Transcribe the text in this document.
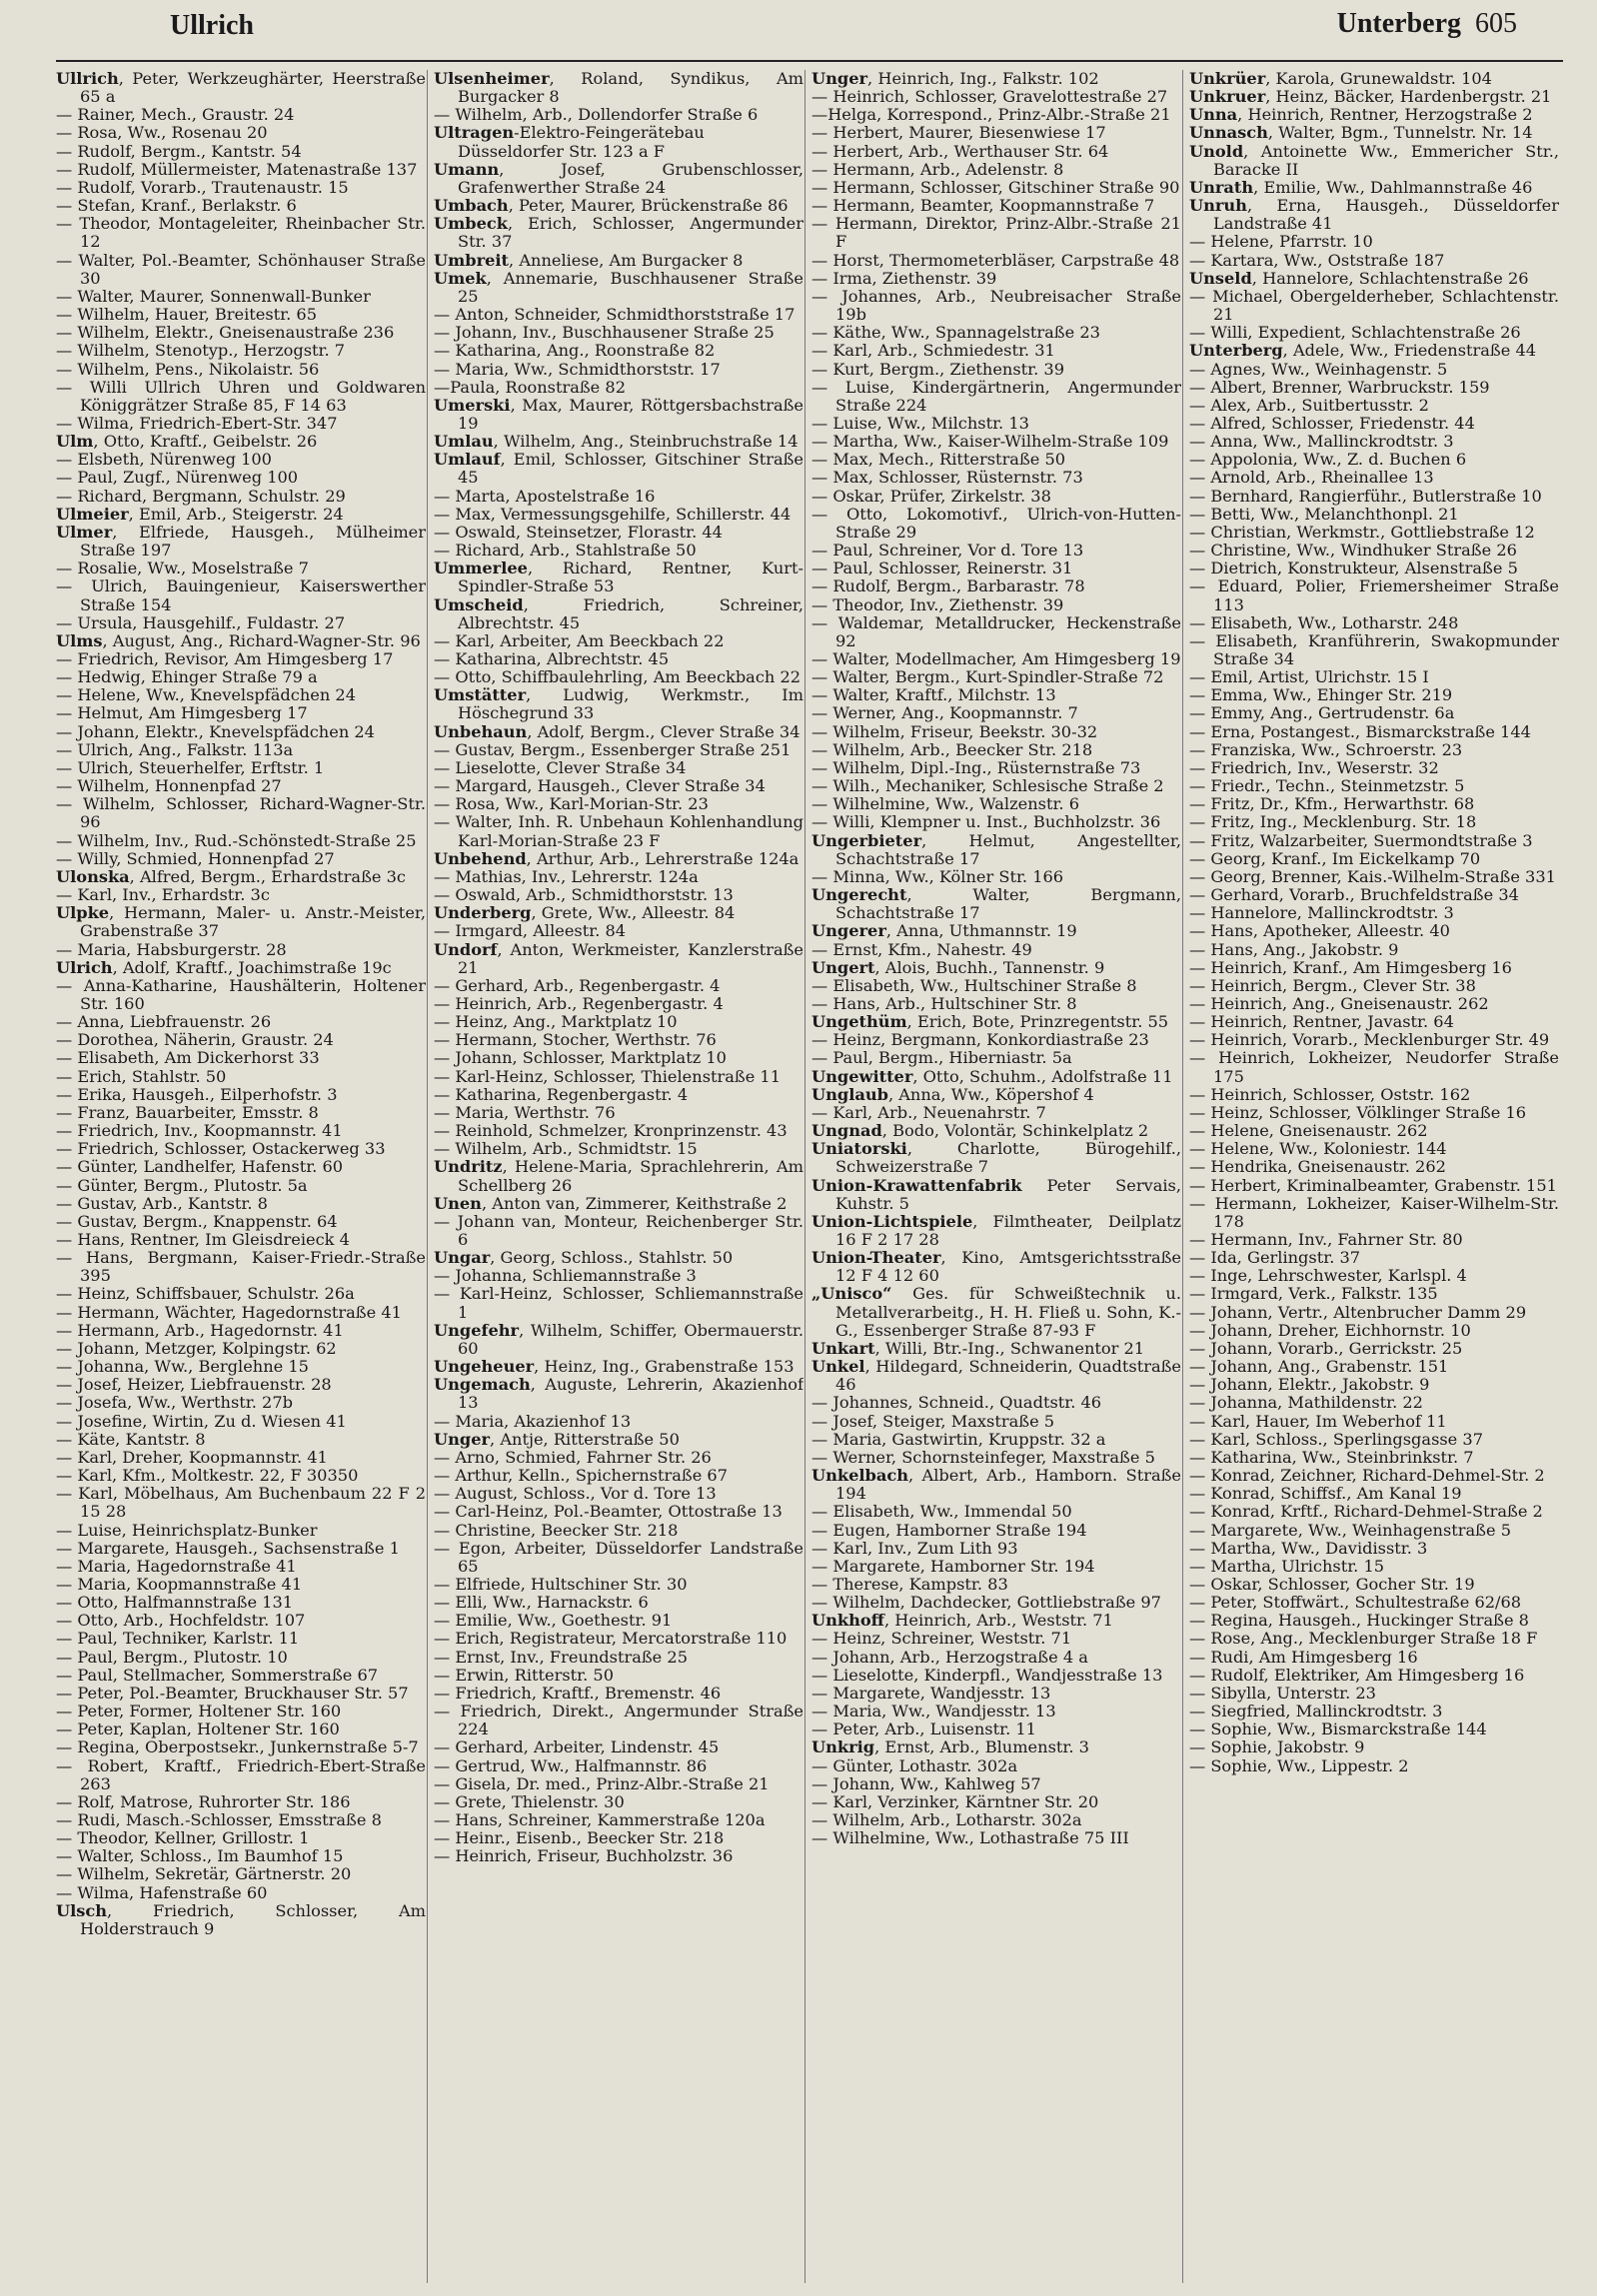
Ullrich	Unterberg 605
Ullrich, Peter, Werkzeughärter, Heerstraße 65 a
— Rainer, Mech., Graustr. 24
— Rosa, Ww., Rosenau 20
— Rudolf, Bergm., Kantstr. 54
— Rudolf, Müllermeister, Matenastraße 137
— Rudolf, Vorarb., Trautenaustr. 15
— Stefan, Kranf., Berlakstr. 6
— Theodor, Montageleiter, Rheinbacher Str. 12
— Walter, Pol.-Beamter, Schönhauser Straße 30
— Walter, Maurer, Sonnenwall-Bunker
— Wilhelm, Hauer, Breitestr. 65
— Wilhelm, Elektr., Gneisenaustraße 236
— Wilhelm, Stenotyp., Herzogstr. 7
— Wilhelm, Pens., Nikolaistr. 56
— Willi Ullrich Uhren und Goldwaren Königgrätzer Straße 85, F 14 63
— Wilma, Friedrich-Ebert-Str. 347
Ulm, Otto, Kraftf., Geibelstr. 26
— Elsbeth, Nürenweg 100
— Paul, Zugf., Nürenweg 100
— Richard, Bergmann, Schulstr. 29
Ulmeier, Emil, Arb., Steigerstr. 24
Ulmer, Elfriede, Hausgeh., Mülheimer Straße 197
— Rosalie, Ww., Moselstraße 7
— Ulrich, Bauingenieur, Kaiserswerther Straße 154
— Ursula, Hausgehilf., Fuldastr. 27
Ulms, August, Ang., Richard-Wagner-Str. 96
— Friedrich, Revisor, Am Himgesberg 17
— Hedwig, Ehinger Straße 79 a
— Helene, Ww., Knevelspfädchen 24
— Helmut, Am Himgesberg 17
— Johann, Elektr., Knevelspfädchen 24
— Ulrich, Ang., Falkstr. 113a
— Ulrich, Steuerhelfer, Erftstr. 1
— Wilhelm, Honnenpfad 27
— Wilhelm, Schlosser, Richard-Wagner-Str. 96
— Wilhelm, Inv., Rud.-Schönstedt-Straße 25
— Willy, Schmied, Honnenpfad 27
Ulonska, Alfred, Bergm., Erhardstraße 3c
— Karl, Inv., Erhardstr. 3c
Ulpke, Hermann, Maler- u. Anstr.-Meister, Grabenstraße 37
— Maria, Habsburgerstr. 28
Ulrich, Adolf, Kraftf., Joachimstraße 19c
— Anna-Katharine, Haushälterin, Holtener Str. 160
— Anna, Liebfrauenstr. 26
— Dorothea, Näherin, Graustr. 24
— Elisabeth, Am Dickerhorst 33
— Erich, Stahlstr. 50
— Erika, Hausgeh., Eilperhofstr. 3
— Franz, Bauarbeiter, Emsstr. 8
— Friedrich, Inv., Koopmannstr. 41
— Friedrich, Schlosser, Ostackerweg 33
— Günter, Landhelfer, Hafenstr. 60
— Günter, Bergm., Plutostr. 5a
— Gustav, Arb., Kantstr. 8
— Gustav, Bergm., Knappenstr. 64
— Hans, Rentner, Im Gleisdreieck 4
— Hans, Bergmann, Kaiser-Friedr.-Straße 395
— Heinz, Schiffsbauer, Schulstr. 26a
— Hermann, Wächter, Hagedornstraße 41
— Hermann, Arb., Hagedornstr. 41
— Johann, Metzger, Kolpingstr. 62
— Johanna, Ww., Berglehne 15
— Josef, Heizer, Liebfrauenstr. 28
— Josefa, Ww., Werthstr. 27b
— Josefine, Wirtin, Zu d. Wiesen 41
— Käte, Kantstr. 8
— Karl, Dreher, Koopmannstr. 41
— Karl, Kfm., Moltkestr. 22, F 30350
— Karl, Möbelhaus, Am Buchenbaum 22 F 2 15 28
— Luise, Heinrichsplatz-Bunker
— Margarete, Hausgeh., Sachsenstraße 1
— Maria, Hagedornstraße 41
— Maria, Koopmannstraße 41
— Otto, Halfmannstraße 131
— Otto, Arb., Hochfeldstr. 107
— Paul, Techniker, Karlstr. 11
— Paul, Bergm., Plutostr. 10
— Paul, Stellmacher, Sommerstraße 67
— Peter, Pol.-Beamter, Bruckhauser Str. 57
— Peter, Former, Holtener Str. 160
— Peter, Kaplan, Holtener Str. 160
— Regina, Oberpostsekr., Junkernstraße 5-7
— Robert, Kraftf., Friedrich-Ebert-Straße 263
— Rolf, Matrose, Ruhrorter Str. 186
— Rudi, Masch.-Schlosser, Emsstraße 8
— Theodor, Kellner, Grillostr. 1
— Walter, Schloss., Im Baumhof 15
— Wilhelm, Sekretär, Gärtnerstr. 20
— Wilma, Hafenstraße 60
Ulsch, Friedrich, Schlosser, Am Holderstrauch 9
Ulsenheimer, Roland, Syndikus, Am Burgacker 8
— Wilhelm, Arb., Dollendorfer Straße 6
Ultragen-Elektro-Feingerätebau Düsseldorfer Str. 123 a F
Umann, Josef, Grubenschlosser, Grafenwerther Straße 24
Umbach, Peter, Maurer, Brückenstraße 86
Umbeck, Erich, Schlosser, Angermunder Str. 37
Umbreit, Anneliese, Am Burgacker 8
Umek, Annemarie, Buschhausener Straße 25
— Anton, Schneider, Schmidthorststraße 17
— Johann, Inv., Buschhausener Straße 25
— Katharina, Ang., Roonstraße 82
— Maria, Ww., Schmidthorststr. 17
—Paula, Roonstraße 82
Umerski, Max, Maurer, Röttgersbachstraße 19
Umlau, Wilhelm, Ang., Steinbruchstraße 14
Umlauf, Emil, Schlosser, Gitschiner Straße 45
— Marta, Apostelstraße 16
— Max, Vermessungsgehilfe, Schillerstr. 44
— Oswald, Steinsetzer, Florastr. 44
— Richard, Arb., Stahlstraße 50
Ummerlee, Richard, Rentner, Kurt-Spindler-Straße 53
Umscheid, Friedrich, Schreiner, Albrechtstr. 45
— Karl, Arbeiter, Am Beeckbach 22
— Katharina, Albrechtstr. 45
— Otto, Schiffbaulehrling, Am Beeckbach 22
Umstätter, Ludwig, Werkmstr., Im Höschegrund 33
Unbehaun, Adolf, Bergm., Clever Straße 34
— Gustav, Bergm., Essenberger Straße 251
— Lieselotte, Clever Straße 34
— Margard, Hausgeh., Clever Straße 34
— Rosa, Ww., Karl-Morian-Str. 23
— Walter, Inh. R. Unbehaun Kohlenhandlung Karl-Morian-Straße 23 F
Unbehend, Arthur, Arb., Lehrerstraße 124a
— Mathias, Inv., Lehrerstr. 124a
— Oswald, Arb., Schmidthorststr. 13
Underberg, Grete, Ww., Alleestr. 84
— Irmgard, Alleestr. 84
Undorf, Anton, Werkmeister, Kanzlerstraße 21
— Gerhard, Arb., Regenbergastr. 4
— Heinrich, Arb., Regenbergastr. 4
— Heinz, Ang., Marktplatz 10
— Hermann, Stocher, Werthstr. 76
— Johann, Schlosser, Marktplatz 10
— Karl-Heinz, Schlosser, Thielenstraße 11
— Katharina, Regenbergastr. 4
— Maria, Werthstr. 76
— Reinhold, Schmelzer, Kronprinzenstr. 43
— Wilhelm, Arb., Schmidtstr. 15
Undritz, Helene-Maria, Sprachlehrerin, Am Schellberg 26
Unen, Anton van, Zimmerer, Keithstraße 2
— Johann van, Monteur, Reichenberger Str. 6
Ungar, Georg, Schloss., Stahlstr. 50
— Johanna, Schliemannstraße 3
— Karl-Heinz, Schlosser, Schliemannstraße 1
Ungefehr, Wilhelm, Schiffer, Obermauerstr. 60
Ungeheuer, Heinz, Ing., Grabenstraße 153
Ungemach, Auguste, Lehrerin, Akazienhof 13
— Maria, Akazienhof 13
Unger, Antje, Ritterstraße 50
— Arno, Schmied, Fahrner Str. 26
— Arthur, Kelln., Spichernstraße 67
— August, Schloss., Vor d. Tore 13
— Carl-Heinz, Pol.-Beamter, Ottostraße 13
— Christine, Beecker Str. 218
— Egon, Arbeiter, Düsseldorfer Landstraße 65
— Elfriede, Hultschiner Str. 30
— Elli, Ww., Harnackstr. 6
— Emilie, Ww., Goethestr. 91
— Erich, Registrateur, Mercatorstraße 110
— Ernst, Inv., Freundstraße 25
— Erwin, Ritterstr. 50
— Friedrich, Kraftf., Bremenstr. 46
— Friedrich, Direkt., Angermunder Straße 224
— Gerhard, Arbeiter, Lindenstr. 45
— Gertrud, Ww., Halfmannstr. 86
— Gisela, Dr. med., Prinz-Albr.-Straße 21
— Grete, Thielenstr. 30
— Hans, Schreiner, Kammerstraße 120a
— Heinr., Eisenb., Beecker Str. 218
— Heinrich, Friseur, Buchholzstr. 36
Unger, Heinrich, Ing., Falkstr. 102
— Heinrich, Schlosser, Gravelottestraße 27
—Helga, Korrespond., Prinz-Albr.-Straße 21
— Herbert, Maurer, Biesenwiese 17
— Herbert, Arb., Werthauser Str. 64
— Hermann, Arb., Adelenstr. 8
— Hermann, Schlosser, Gitschiner Straße 90
— Hermann, Beamter, Koopmannstraße 7
— Hermann, Direktor, Prinz-Albr.-Straße 21 F
— Horst, Thermometerbläser, Carpstraße 48
— Irma, Ziethenstr. 39
— Johannes, Arb., Neubreisacher Straße 19b
— Käthe, Ww., Spannagelstraße 23
— Karl, Arb., Schmiedestr. 31
— Kurt, Bergm., Ziethenstr. 39
— Luise, Kindergärtnerin, Angermunder Straße 224
— Luise, Ww., Milchstr. 13
— Martha, Ww., Kaiser-Wilhelm-Straße 109
— Max, Mech., Ritterstraße 50
— Max, Schlosser, Rüsternstr. 73
— Oskar, Prüfer, Zirkelstr. 38
— Otto, Lokomotivf., Ulrich-von-Hutten-Straße 29
— Paul, Schreiner, Vor d. Tore 13
— Paul, Schlosser, Reinerstr. 31
— Rudolf, Bergm., Barbarastr. 78
— Theodor, Inv., Ziethenstr. 39
— Waldemar, Metalldrucker, Heckenstraße 92
— Walter, Modellmacher, Am Himgesberg 19
— Walter, Bergm., Kurt-Spindler-Straße 72
— Walter, Kraftf., Milchstr. 13
— Werner, Ang., Koopmannstr. 7
— Wilhelm, Friseur, Beekstr. 30-32
— Wilhelm, Arb., Beecker Str. 218
— Wilhelm, Dipl.-Ing., Rüsternstraße 73
— Wilh., Mechaniker, Schlesische Straße 2
— Wilhelmine, Ww., Walzenstr. 6
— Willi, Klempner u. Inst., Buchholzstr. 36
Ungerbieter, Helmut, Angestellter, Schachtstraße 17
— Minna, Ww., Kölner Str. 166
Ungerecht, Walter, Bergmann, Schachtstraße 17
Ungerer, Anna, Uthmannstr. 19
— Ernst, Kfm., Nahestr. 49
Ungert, Alois, Buchh., Tannenstr. 9
— Elisabeth, Ww., Hultschiner Straße 8
— Hans, Arb., Hultschiner Str. 8
Ungethüm, Erich, Bote, Prinzregentstr. 55
— Heinz, Bergmann, Konkordiastraße 23
— Paul, Bergm., Hiberniastr. 5a
Ungewitter, Otto, Schuhm., Adolfstraße 11
Unglaub, Anna, Ww., Köpershof 4
— Karl, Arb., Neuenahrstr. 7
Ungnad, Bodo, Volontär, Schinkelplatz 2
Uniatorski, Charlotte, Bürogehilf., Schweizerstraße 7
Union-Krawattenfabrik Peter Servais, Kuhstr. 5
Union-Lichtspiele, Filmtheater, Deilplatz 16 F 2 17 28
Union-Theater, Kino, Amtsgerichtsstraße 12 F 4 12 60
„Unisco“ Ges. für Schweißtechnik u. Metallverarbeitg., H. H. Fließ u. Sohn, K.-G., Essenberger Straße 87-93 F
Unkart, Willi, Btr.-Ing., Schwanentor 21
Unkel, Hildegard, Schneiderin, Quadtstraße 46
— Johannes, Schneid., Quadtstr. 46
— Josef, Steiger, Maxstraße 5
— Maria, Gastwirtin, Kruppstr. 32 a
— Werner, Schornsteinfeger, Maxstraße 5
Unkelbach, Albert, Arb., Hamborn. Straße 194
— Elisabeth, Ww., Immendal 50
— Eugen, Hamborner Straße 194
— Karl, Inv., Zum Lith 93
— Margarete, Hamborner Str. 194
— Therese, Kampstr. 83
— Wilhelm, Dachdecker, Gottliebstraße 97
Unkhoff, Heinrich, Arb., Weststr. 71
— Heinz, Schreiner, Weststr. 71
— Johann, Arb., Herzogstraße 4 a
— Lieselotte, Kinderpfl., Wandjesstraße 13
— Margarete, Wandjesstr. 13
— Maria, Ww., Wandjesstr. 13
— Peter, Arb., Luisenstr. 11
Unkrig, Ernst, Arb., Blumenstr. 3
— Günter, Lothastr. 302a
— Johann, Ww., Kahlweg 57
— Karl, Verzinker, Kärntner Str. 20
— Wilhelm, Arb., Lotharstr. 302a
— Wilhelmine, Ww., Lothastraße 75 III
Unkrüer, Karola, Grunewaldstr. 104
Unkruer, Heinz, Bäcker, Hardenbergstr. 21
Unna, Heinrich, Rentner, Herzogstraße 2
Unnasch, Walter, Bgm., Tunnelstr. Nr. 14
Unold, Antoinette Ww., Emmericher Str., Baracke II
Unrath, Emilie, Ww., Dahlmannstraße 46
Unruh, Erna, Hausgeh., Düsseldorfer Landstraße 41
— Helene, Pfarrstr. 10
— Kartara, Ww., Oststraße 187
Unseld, Hannelore, Schlachtenstraße 26
— Michael, Obergelderheber, Schlachtenstr. 21
— Willi, Expedient, Schlachtenstraße 26
Unterberg, Adele, Ww., Friedenstraße 44
— Agnes, Ww., Weinhagenstr. 5
— Albert, Brenner, Warbruckstr. 159
— Alex, Arb., Suitbertusstr. 2
— Alfred, Schlosser, Friedenstr. 44
— Anna, Ww., Mallinckrodtstr. 3
— Appolonia, Ww., Z. d. Buchen 6
— Arnold, Arb., Rheinallee 13
— Bernhard, Rangierführ., Butlerstraße 10
— Betti, Ww., Melanchthonpl. 21
— Christian, Werkmstr., Gottliebstraße 12
— Christine, Ww., Windhuker Straße 26
— Dietrich, Konstrukteur, Alsenstraße 5
— Eduard, Polier, Friemersheimer Straße 113
— Elisabeth, Ww., Lotharstr. 248
— Elisabeth, Kranführerin, Swakopmunder Straße 34
— Emil, Artist, Ulrichstr. 15 I
— Emma, Ww., Ehinger Str. 219
— Emmy, Ang., Gertrudenstr. 6a
— Erna, Postangest., Bismarckstraße 144
— Franziska, Ww., Schroerstr. 23
— Friedrich, Inv., Weserstr. 32
— Friedr., Techn., Steinmetzstr. 5
— Fritz, Dr., Kfm., Herwarthstr. 68
— Fritz, Ing., Mecklenburg. Str. 18
— Fritz, Walzarbeiter, Suermondtstraße 3
— Georg, Kranf., Im Eickelkamp 70
— Georg, Brenner, Kais.-Wilhelm-Straße 331
— Gerhard, Vorarb., Bruchfeldstraße 34
— Hannelore, Mallinckrodtstr. 3
— Hans, Apotheker, Alleestr. 40
— Hans, Ang., Jakobstr. 9
— Heinrich, Kranf., Am Himgesberg 16
— Heinrich, Bergm., Clever Str. 38
— Heinrich, Ang., Gneisenaustr. 262
— Heinrich, Rentner, Javastr. 64
— Heinrich, Vorarb., Mecklenburger Str. 49
— Heinrich, Lokheizer, Neudorfer Straße 175
— Heinrich, Schlosser, Oststr. 162
— Heinz, Schlosser, Völklinger Straße 16
— Helene, Gneisenaustr. 262
— Helene, Ww., Koloniestr. 144
— Hendrika, Gneisenaustr. 262
— Herbert, Kriminalbeamter, Grabenstr. 151
— Hermann, Lokheizer, Kaiser-Wilhelm-Str. 178
— Hermann, Inv., Fahrner Str. 80
— Ida, Gerlingstr. 37
— Inge, Lehrschwester, Karlspl. 4
— Irmgard, Verk., Falkstr. 135
— Johann, Vertr., Altenbrucher Damm 29
— Johann, Dreher, Eichhornstr. 10
— Johann, Vorarb., Gerrickstr. 25
— Johann, Ang., Grabenstr. 151
— Johann, Elektr., Jakobstr. 9
— Johanna, Mathildenstr. 22
— Karl, Hauer, Im Weberhof 11
— Karl, Schloss., Sperlingsgasse 37
— Katharina, Ww., Steinbrinkstr. 7
— Konrad, Zeichner, Richard-Dehmel-Str. 2
— Konrad, Schiffsf., Am Kanal 19
— Konrad, Krftf., Richard-Dehmel-Straße 2
— Margarete, Ww., Weinhagenstraße 5
— Martha, Ww., Davidisstr. 3
— Martha, Ulrichstr. 15
— Oskar, Schlosser, Gocher Str. 19
— Peter, Stoffwärt., Schultestraße 62/68
— Regina, Hausgeh., Huckinger Straße 8
— Rose, Ang., Mecklenburger Straße 18 F
— Rudi, Am Himgesberg 16
— Rudolf, Elektriker, Am Himgesberg 16
— Sibylla, Unterstr. 23
— Siegfried, Mallinckrodtstr. 3
— Sophie, Ww., Bismarckstraße 144
— Sophie, Jakobstr. 9
— Sophie, Ww., Lippestr. 2
